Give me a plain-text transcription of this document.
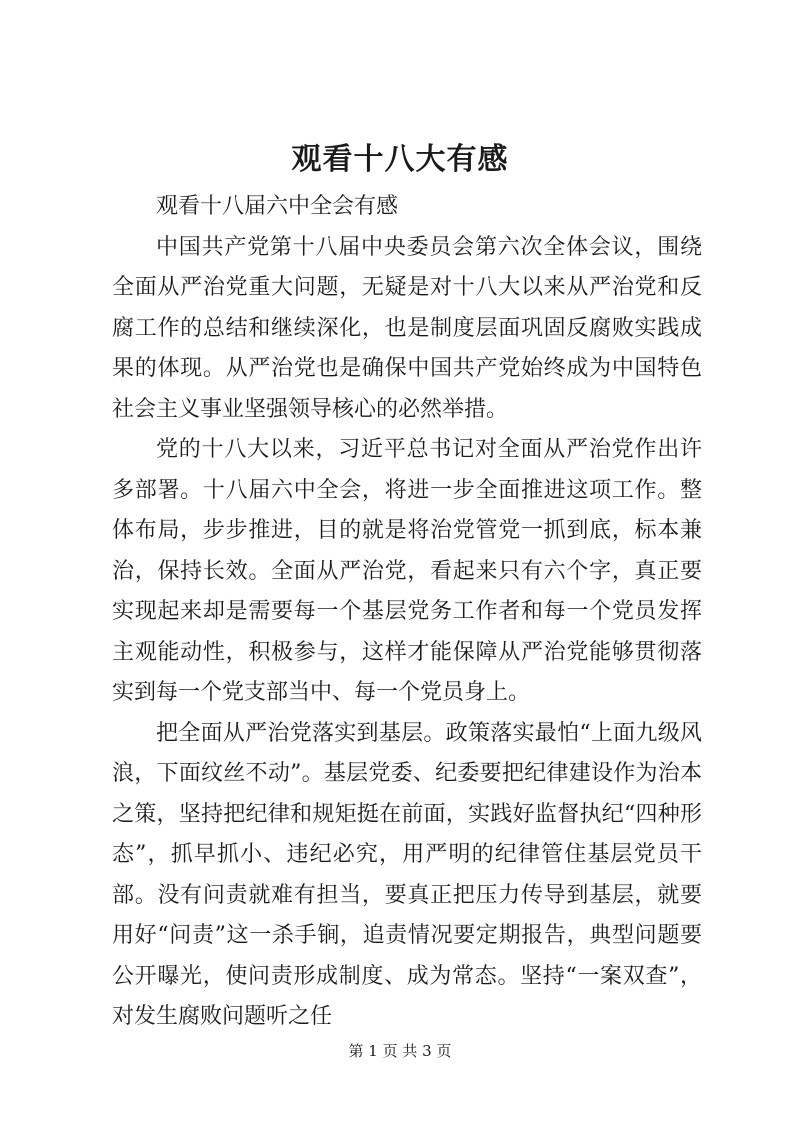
观看十八大有感

观看十八届六中全会有感

中国共产党第十八届中央委员会第六次全体会议，围绕全面从严治党重大问题，无疑是对十八大以来从严治党和反腐工作的总结和继续深化，也是制度层面巩固反腐败实践成果的体现。从严治党也是确保中国共产党始终成为中国特色社会主义事业坚强领导核心的必然举措。

党的十八大以来，习近平总书记对全面从严治党作出许多部署。十八届六中全会，将进一步全面推进这项工作。整体布局，步步推进，目的就是将治党管党一抓到底，标本兼治，保持长效。全面从严治党，看起来只有六个字，真正要实现起来却是需要每一个基层党务工作者和每一个党员发挥主观能动性，积极参与，这样才能保障从严治党能够贯彻落实到每一个党支部当中、每一个党员身上。

把全面从严治党落实到基层。政策落实最怕“上面九级风浪，下面纹丝不动”。基层党委、纪委要把纪律建设作为治本之策，坚持把纪律和规矩挺在前面，实践好监督执纪“四种形态”，抓早抓小、违纪必究，用严明的纪律管住基层党员干部。没有问责就难有担当，要真正把压力传导到基层，就要用好“问责”这一杀手锏，追责情况要定期报告，典型问题要公开曝光，使问责形成制度、成为常态。坚持“一案双查”，对发生腐败问题听之任

第 1 页 共 3 页
